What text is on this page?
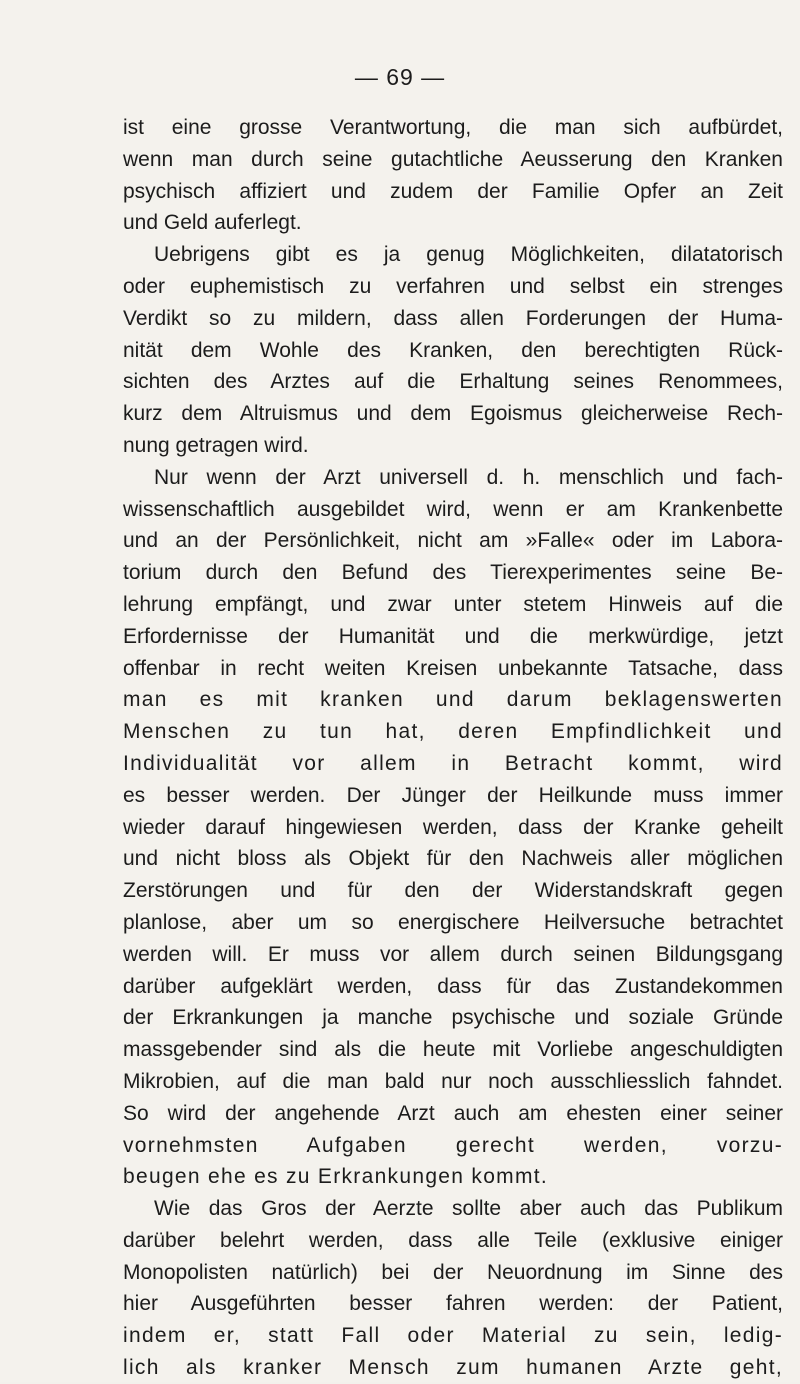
— 69 —
ist eine grosse Verantwortung, die man sich aufbürdet,
wenn man durch seine gutachtliche Aeusserung den Kranken
psychisch affiziert und zudem der Familie Opfer an Zeit
und Geld auferlegt.
Uebrigens gibt es ja genug Möglichkeiten, dilatatorisch
oder euphemistisch zu verfahren und selbst ein strenges
Verdikt so zu mildern, dass allen Forderungen der Huma-
nität dem Wohle des Kranken, den berechtigten Rück-
sichten des Arztes auf die Erhaltung seines Renommees,
kurz dem Altruismus und dem Egoismus gleicherweise Rech-
nung getragen wird.
Nur wenn der Arzt universell d. h. menschlich und fach-
wissenschaftlich ausgebildet wird, wenn er am Krankenbette
und an der Persönlichkeit, nicht am »Falle« oder im Labora-
torium durch den Befund des Tierexperimentes seine Be-
lehrung empfängt, und zwar unter stetem Hinweis auf die
Erfordernisse der Humanität und die merkwürdige, jetzt
offenbar in recht weiten Kreisen unbekannte Tatsache, dass
man es mit kranken und darum beklagenswerten
Menschen zu tun hat, deren Empfindlichkeit und
Individualität vor allem in Betracht kommt, wird
es besser werden. Der Jünger der Heilkunde muss immer
wieder darauf hingewiesen werden, dass der Kranke geheilt
und nicht bloss als Objekt für den Nachweis aller möglichen
Zerstörungen und für den der Widerstandskraft gegen
planlose, aber um so energischere Heilversuche betrachtet
werden will. Er muss vor allem durch seinen Bildungsgang
darüber aufgeklärt werden, dass für das Zustandekommen
der Erkrankungen ja manche psychische und soziale Gründe
massgebender sind als die heute mit Vorliebe angeschuldigten
Mikrobien, auf die man bald nur noch ausschliesslich fahndet.
So wird der angehende Arzt auch am ehesten einer seiner
vornehmsten Aufgaben gerecht werden, vorzu-
beugen ehe es zu Erkrankungen kommt.
Wie das Gros der Aerzte sollte aber auch das Publikum
darüber belehrt werden, dass alle Teile (exklusive einiger
Monopolisten natürlich) bei der Neuordnung im Sinne des
hier Ausgeführten besser fahren werden: der Patient,
indem er, statt Fall oder Material zu sein, ledig-
lich als kranker Mensch zum humanen Arzte geht,
